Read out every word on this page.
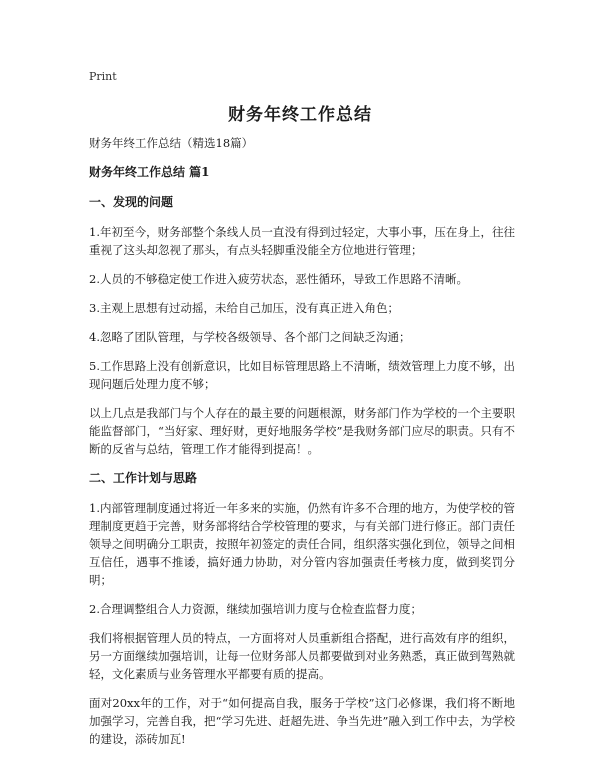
Print
财务年终工作总结
财务年终工作总结（精选18篇）
财务年终工作总结 篇1
一、发现的问题
1.年初至今，财务部整个条线人员一直没有得到过轻定，大事小事，压在身上，往往重视了这头却忽视了那头，有点头轻脚重没能全方位地进行管理；
2.人员的不够稳定使工作进入疲劳状态，恶性循环，导致工作思路不清晰。
3.主观上思想有过动摇，未给自己加压，没有真正进入角色；
4.忽略了团队管理，与学校各级领导、各个部门之间缺乏沟通；
5.工作思路上没有创新意识，比如目标管理思路上不清晰，绩效管理上力度不够，出现问题后处理力度不够；
以上几点是我部门与个人存在的最主要的问题根源，财务部门作为学校的一个主要职能监督部门，“当好家、理好财，更好地服务学校”是我财务部门应尽的职责。只有不断的反省与总结，管理工作才能得到提高！。
二、工作计划与思路
1.内部管理制度通过将近一年多来的实施，仍然有许多不合理的地方，为使学校的管理制度更趋于完善，财务部将结合学校管理的要求，与有关部门进行修正。部门责任领导之间明确分工职责，按照年初签定的责任合同，组织落实强化到位，领导之间相互信任，遇事不推诿，搞好通力协助，对分管内容加强责任考核力度，做到奖罚分明；
2.合理调整组合人力资源，继续加强培训力度与仓检查监督力度；
我们将根据管理人员的特点，一方面将对人员重新组合搭配，进行高效有序的组织，另一方面继续加强培训，让每一位财务部人员都要做到对业务熟悉，真正做到驾熟就轻，文化素质与业务管理水平都要有质的提高。
面对20xx年的工作，对于“如何提高自我，服务于学校”这门必修课，我们将不断地加强学习，完善自我，把“学习先进、赶超先进、争当先进”融入到工作中去，为学校的建设，添砖加瓦!
